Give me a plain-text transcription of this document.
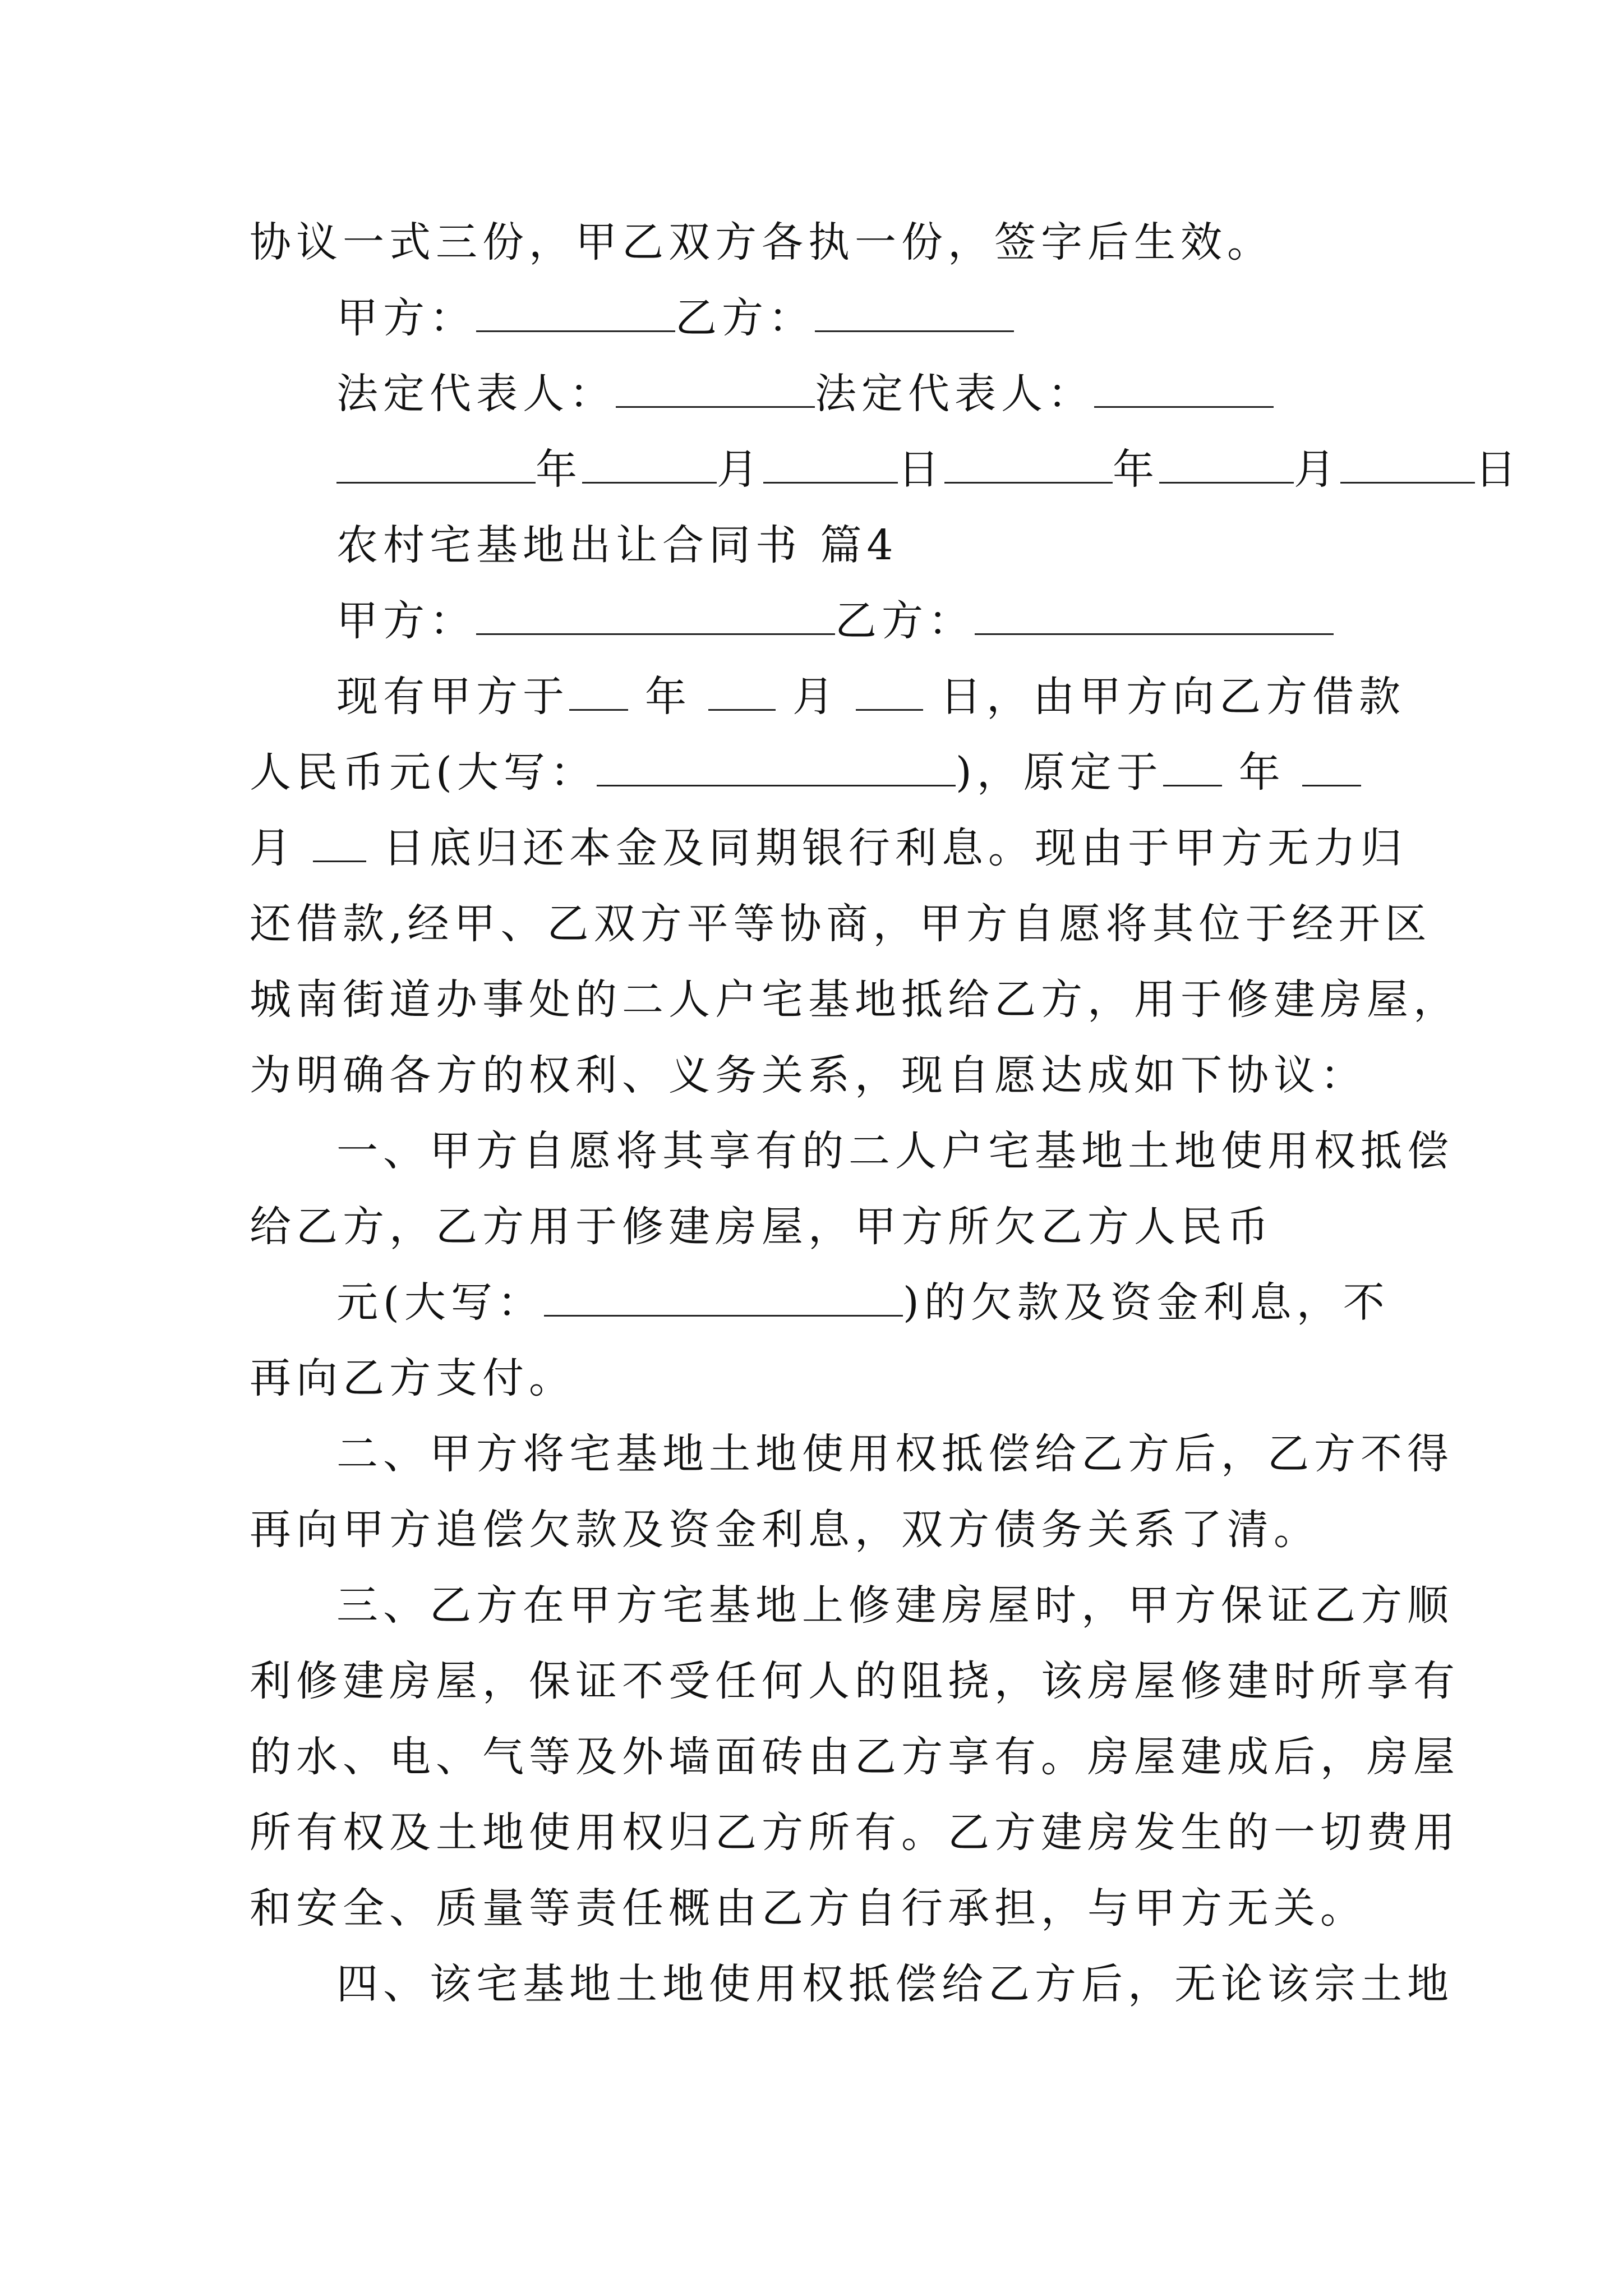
协议一式三份，甲乙双方各执一份，签字后生效。
甲方：	乙方：
法定代表人：	法定代表人：
年	月	日	年	月	日
农村宅基地出让合同书 篇4
甲方：	乙方：
现有甲方于 年 月 日，由甲方向乙方借款
人民币元(大写：	)，原定于 年
月 日底归还本金及同期银行利息。现由于甲方无力归
还借款,经甲、乙双方平等协商，甲方自愿将其位于经开区
城南街道办事处的二人户宅基地抵给乙方，用于修建房屋，
为明确各方的权利、义务关系，现自愿达成如下协议：
一、甲方自愿将其享有的二人户宅基地土地使用权抵偿
给乙方，乙方用于修建房屋，甲方所欠乙方人民币
元(大写：	)的欠款及资金利息，不
再向乙方支付。
二、甲方将宅基地土地使用权抵偿给乙方后，乙方不得
再向甲方追偿欠款及资金利息，双方债务关系了清。
三、乙方在甲方宅基地上修建房屋时，甲方保证乙方顺
利修建房屋，保证不受任何人的阻挠，该房屋修建时所享有
的水、电、气等及外墙面砖由乙方享有。房屋建成后，房屋
所有权及土地使用权归乙方所有。乙方建房发生的一切费用
和安全、质量等责任概由乙方自行承担，与甲方无关。
四、该宅基地土地使用权抵偿给乙方后，无论该宗土地
